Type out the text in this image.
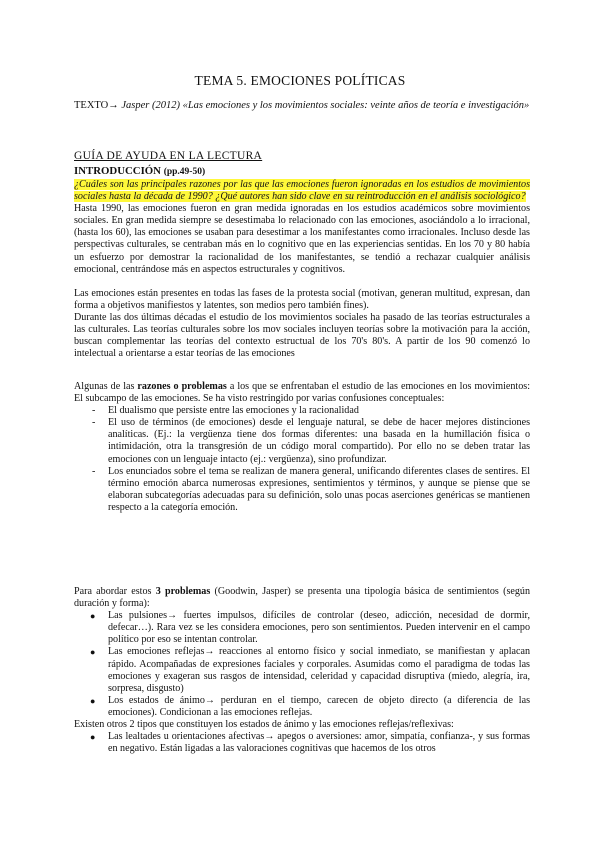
TEMA 5. EMOCIONES POLÍTICAS
TEXTO→ Jasper (2012) «Las emociones y los movimientos sociales: veinte años de teoría e investigación»
GUÍA DE AYUDA EN LA LECTURA
INTRODUCCIÓN (pp.49-50)

¿Cuáles son las principales razones por las que las emociones fueron ignoradas en los estudios de movimientos sociales hasta la década de 1990? ¿Qué autores han sido clave en su reintroducción en el análisis sociológico?

Hasta 1990, las emociones fueron en gran medida ignoradas en los estudios académicos sobre movimientos sociales. En gran medida siempre se desestimaba lo relacionado con las emociones, asociándolo a lo irracional, (hasta los 60), las emociones se usaban para desestimar a los manifestantes como irracionales. Incluso desde las perspectivas culturales, se centraban más en lo cognitivo que en las experiencias sentidas. En los 70 y 80 había un esfuerzo por demostrar la racionalidad de los manifestantes, se tendió a rechazar cualquier análisis emocional, centrándose más en aspectos estructurales y cognitivos.

Las emociones están presentes en todas las fases de la protesta social (motivan, generan multitud, expresan, dan forma a objetivos manifiestos y latentes, son medios pero también fines).

Durante las dos últimas décadas el estudio de los movimientos sociales ha pasado de las teorías estructurales a las culturales. Las teorías culturales sobre los mov sociales incluyen teorías sobre la motivación para la acción, buscan complementar las teorías del contexto estructual de los 70's 80's. A partir de los 90 comenzó lo intelectual a orientarse a estar teorías de las emociones

Algunas de las razones o problemas a los que se enfrentaban el estudio de las emociones en los movimientos: El subcampo de las emociones. Se ha visto restringido por varias confusiones conceptuales:

- El dualismo que persiste entre las emociones y la racionalidad
- El uso de términos (de emociones) desde el lenguaje natural, se debe de hacer mejores distinciones analíticas. (Ej.: la vergüenza tiene dos formas diferentes: una basada en la humillación física o intimidación, otra la transgresión de un código moral compartido). Por ello no se deben tratar las emociones con un lenguaje intacto (ej.: vergüenza), sino profundizar.
- Los enunciados sobre el tema se realizan de manera general, unificando diferentes clases de sentires. El término emoción abarca numerosas expresiones, sentimientos y términos, y aunque se piense que se elaboran subcategorías adecuadas para su definición, solo unas pocas aserciones genéricas se mantienen respecto a la categoría emoción.

Para abordar estos 3 problemas (Goodwin, Jasper) se presenta una tipología básica de sentimientos (según duración y forma):

● Las pulsiones→ fuertes impulsos, difíciles de controlar (deseo, adicción, necesidad de dormir, defecar…). Rara vez se les considera emociones, pero son sentimientos. Pueden intervenir en el campo político por eso se intentan controlar.
● Las emociones reflejas→ reacciones al entorno físico y social inmediato, se manifiestan y aplacan rápido. Acompañadas de expresiones faciales y corporales. Asumidas como el paradigma de todas las emociones y exageran sus rasgos de intensidad, celeridad y capacidad disruptiva (miedo, alegría, ira, sorpresa, disgusto)
● Los estados de ánimo→ perduran en el tiempo, carecen de objeto directo (a diferencia de las emociones). Condicionan a las emociones reflejas.

Existen otros 2 tipos que constituyen los estados de ánimo y las emociones reflejas/reflexivas:

● Las lealtades u orientaciones afectivas→ apegos o aversiones: amor, simpatía, confianza-, y sus formas en negativo. Están ligadas a las valoraciones cognitivas que hacemos de los otros
